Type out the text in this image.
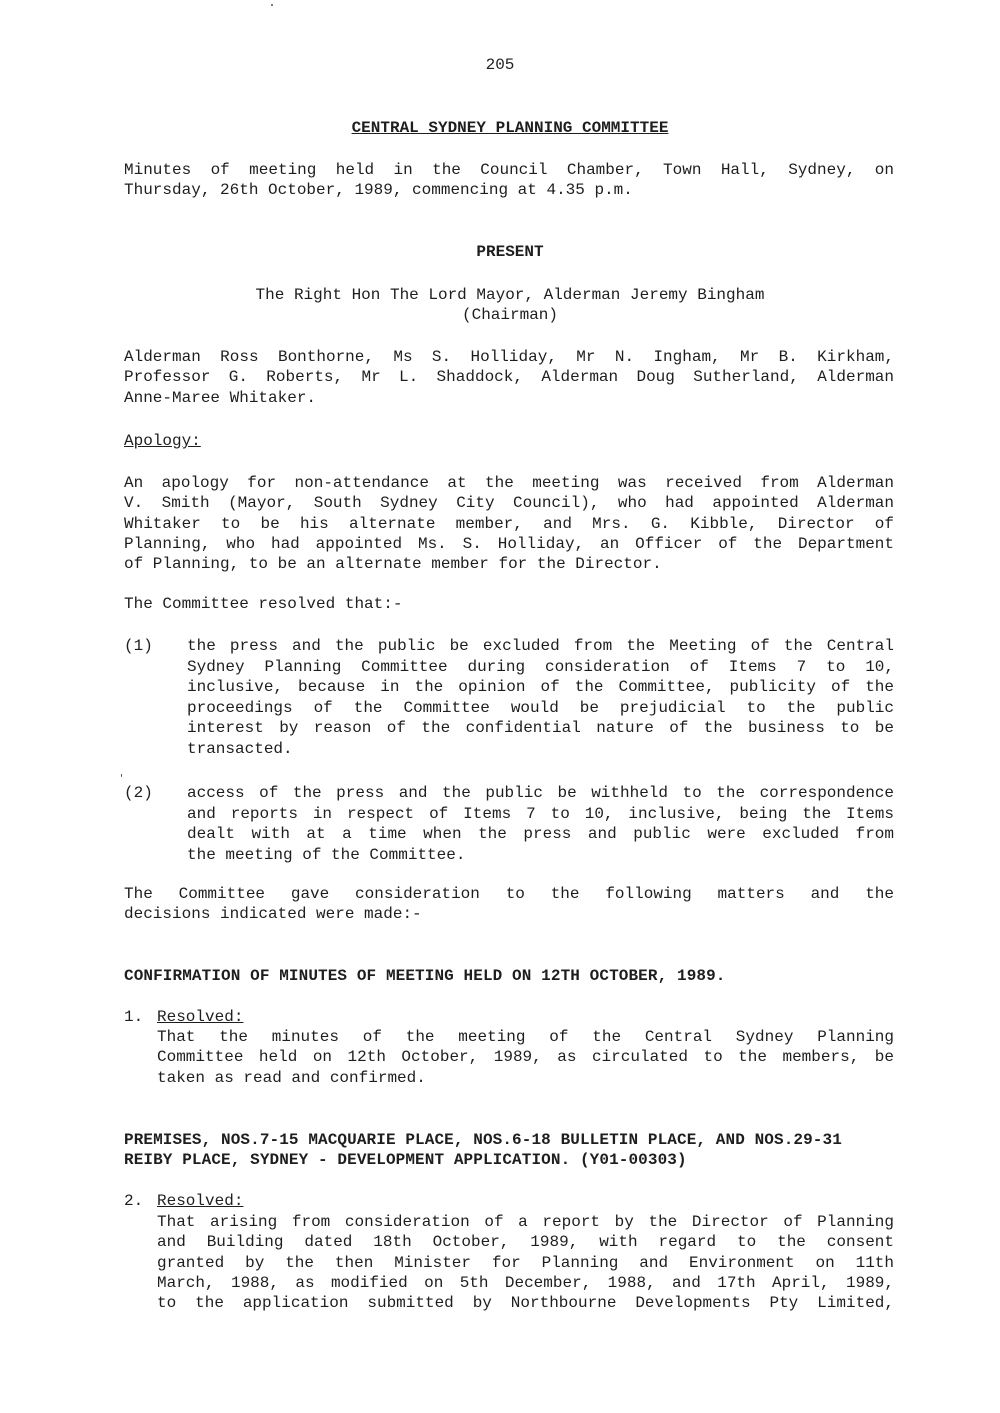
205
CENTRAL SYDNEY PLANNING COMMITTEE
Minutes of meeting held in the Council Chamber, Town Hall, Sydney, on
Thursday, 26th October, 1989, commencing at 4.35 p.m.
PRESENT
The Right Hon The Lord Mayor, Alderman Jeremy Bingham
(Chairman)
Alderman Ross Bonthorne, Ms S. Holliday, Mr N. Ingham, Mr B. Kirkham,
Professor G. Roberts, Mr L. Shaddock, Alderman Doug Sutherland, Alderman
Anne-Maree Whitaker.
Apology:
An apology for non-attendance at the meeting was received from Alderman
V. Smith (Mayor, South Sydney City Council), who had appointed Alderman
Whitaker to be his alternate member, and Mrs. G. Kibble, Director of
Planning, who had appointed Ms. S. Holliday, an Officer of the Department
of Planning, to be an alternate member for the Director.
The Committee resolved that:-
(1) the press and the public be excluded from the Meeting of the Central
Sydney Planning Committee during consideration of Items 7 to 10,
inclusive, because in the opinion of the Committee, publicity of the
proceedings of the Committee would be prejudicial to the public
interest by reason of the confidential nature of the business to be
transacted.
(2) access of the press and the public be withheld to the correspondence
and reports in respect of Items 7 to 10, inclusive, being the Items
dealt with at a time when the press and public were excluded from
the meeting of the Committee.
The Committee gave consideration to the following matters and the
decisions indicated were made:-
CONFIRMATION OF MINUTES OF MEETING HELD ON 12TH OCTOBER, 1989.
1. Resolved:
That the minutes of the meeting of the Central Sydney Planning
Committee held on 12th October, 1989, as circulated to the members, be
taken as read and confirmed.
PREMISES, NOS.7-15 MACQUARIE PLACE, NOS.6-18 BULLETIN PLACE, AND NOS.29-31
REIBY PLACE, SYDNEY - DEVELOPMENT APPLICATION. (Y01-00303)
2. Resolved:
That arising from consideration of a report by the Director of Planning
and Building dated 18th October, 1989, with regard to the consent
granted by the then Minister for Planning and Environment on 11th
March, 1988, as modified on 5th December, 1988, and 17th April, 1989,
to the application submitted by Northbourne Developments Pty Limited,
